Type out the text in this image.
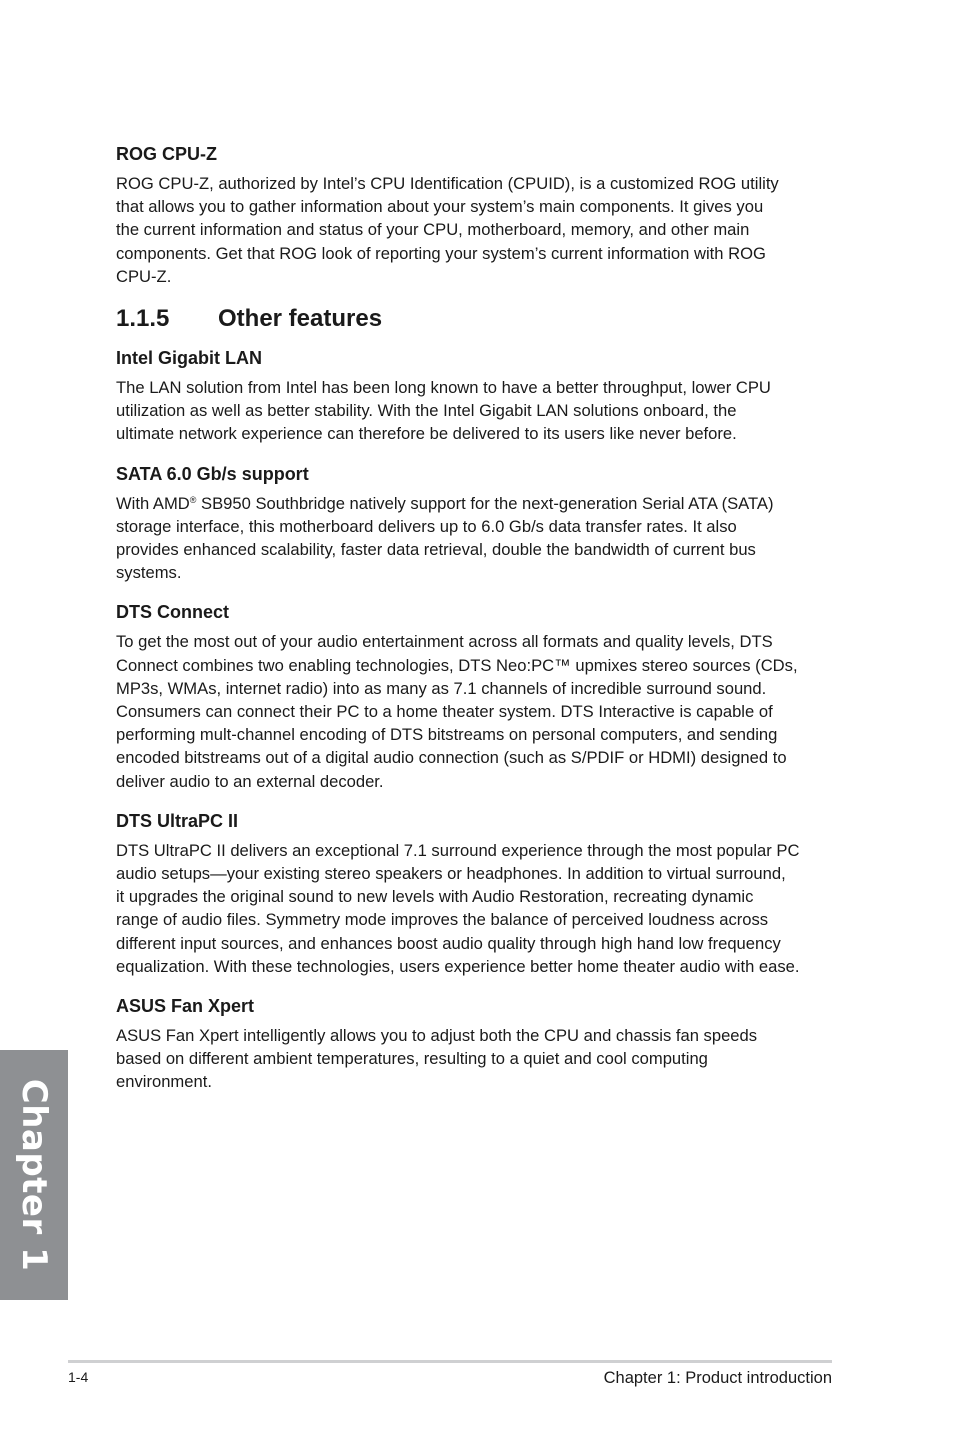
ROG CPU-Z

ROG CPU-Z, authorized by Intel’s CPU Identification (CPUID), is a customized ROG utility
that allows you to gather information about your system’s main components. It gives you
the current information and status of your CPU, motherboard, memory, and other main
components. Get that ROG look of reporting your system’s current information with ROG
CPU-Z.

1.1.5	Other features
Intel Gigabit LAN

The LAN solution from Intel has been long known to have a better throughput, lower CPU
utilization as well as better stability. With the Intel Gigabit LAN solutions onboard, the
ultimate network experience can therefore be delivered to its users like never before.

SATA 6.0 Gb/s support

With AMD® SB950 Southbridge natively support for the next-generation Serial ATA (SATA)
storage interface, this motherboard delivers up to 6.0 Gb/s data transfer rates. It also
provides enhanced scalability, faster data retrieval, double the bandwidth of current bus
systems.

DTS Connect

To get the most out of your audio entertainment across all formats and quality levels, DTS
Connect combines two enabling technologies, DTS Neo:PC™ upmixes stereo sources (CDs,
MP3s, WMAs, internet radio) into as many as 7.1 channels of incredible surround sound.
Consumers can connect their PC to a home theater system. DTS Interactive is capable of
performing mult-channel encoding of DTS bitstreams on personal computers, and sending
encoded bitstreams out of a digital audio connection (such as S/PDIF or HDMI) designed to
deliver audio to an external decoder.

DTS UltraPC II

DTS UltraPC II delivers an exceptional 7.1 surround experience through the most popular PC
audio setups—your existing stereo speakers or headphones. In addition to virtual surround,
it upgrades the original sound to new levels with Audio Restoration, recreating dynamic
range of audio files. Symmetry mode improves the balance of perceived loudness across
different input sources, and enhances boost audio quality through high hand low frequency
equalization. With these technologies, users experience better home theater audio with ease.

ASUS Fan Xpert

ASUS Fan Xpert intelligently allows you to adjust both the CPU and chassis fan speeds
based on different ambient temperatures, resulting to a quiet and cool computing
environment.

Chapter 1
1-4	Chapter 1: Product introduction
